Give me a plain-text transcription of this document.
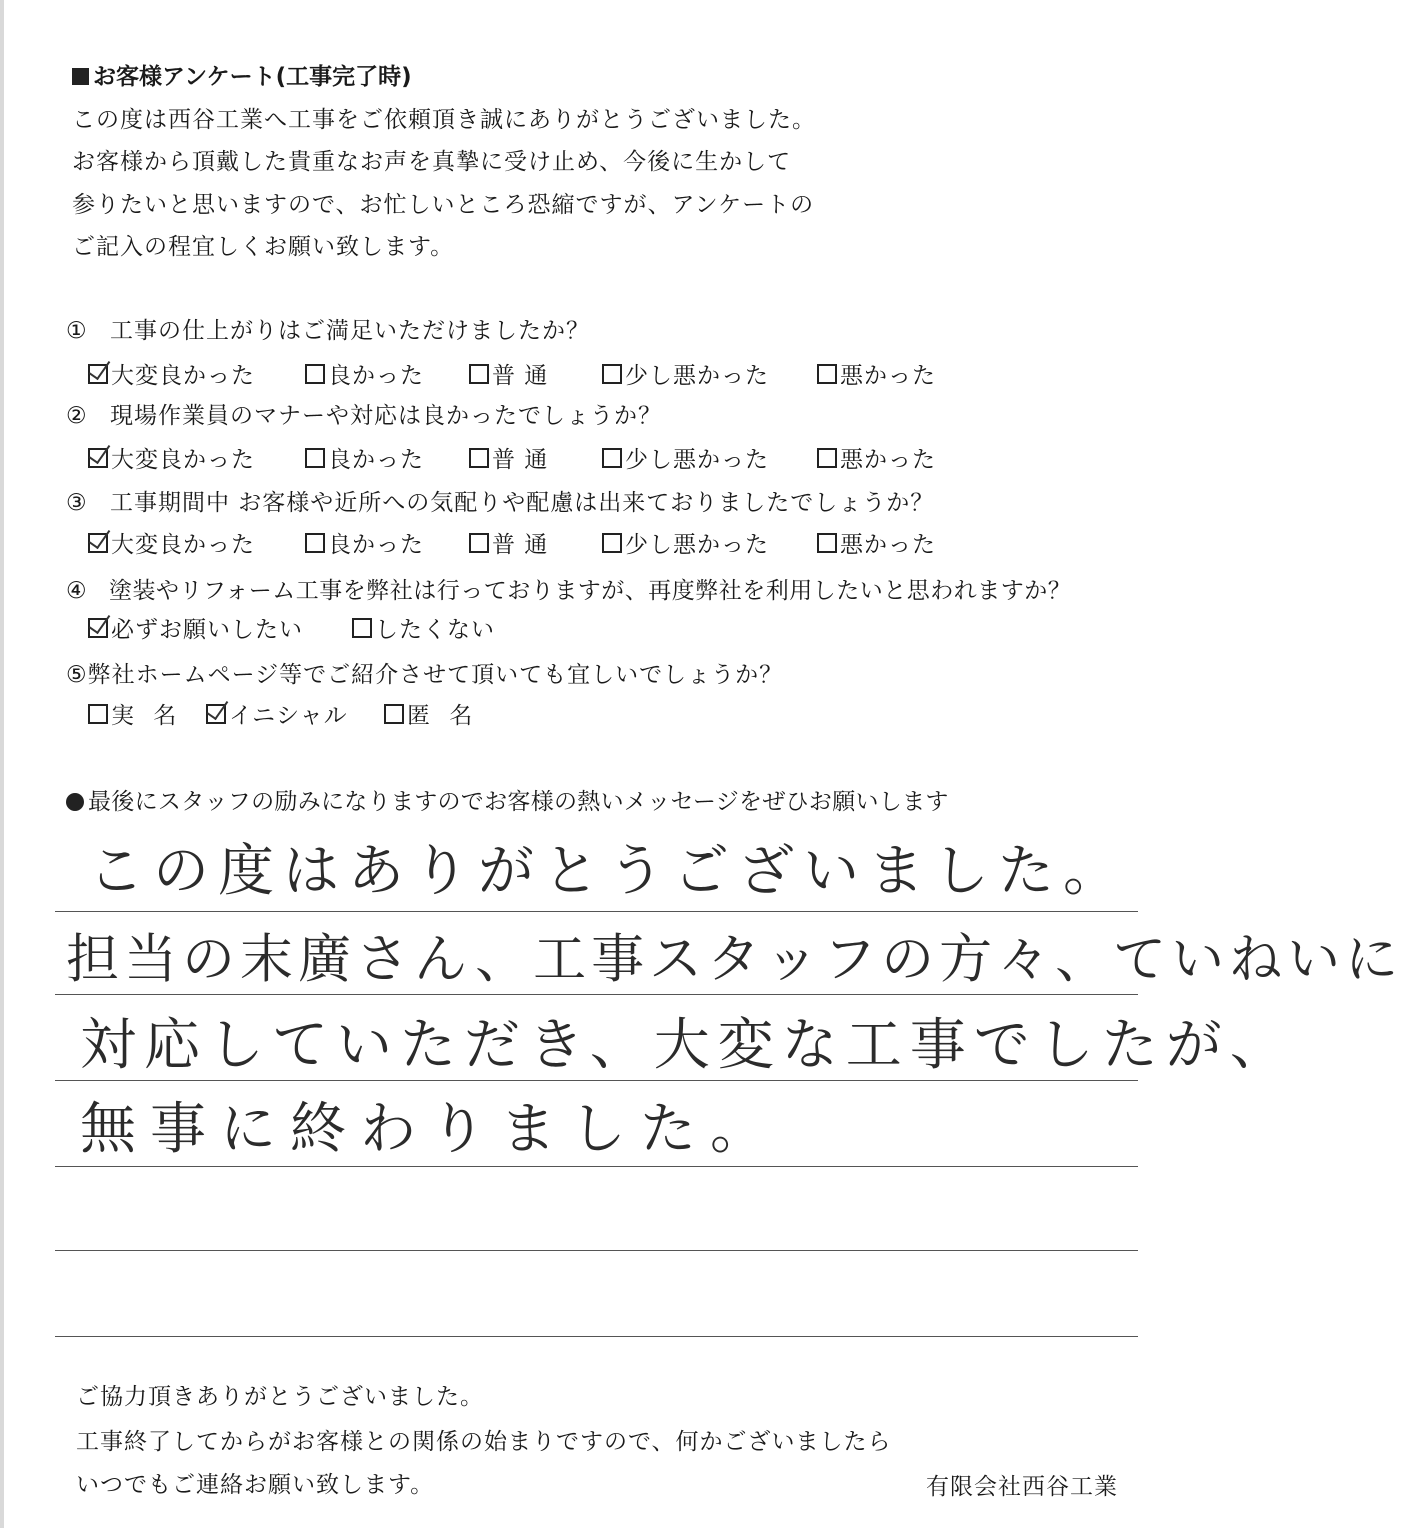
お客様アンケート(工事完了時)
この度は西谷工業へ工事をご依頼頂き誠にありがとうございました。
お客様から頂戴した貴重なお声を真摯に受け止め、今後に生かして
参りたいと思いますので、お忙しいところ恐縮ですが、アンケートの
ご記入の程宜しくお願い致します。
① 工事の仕上がりはご満足いただけましたか？
大変良かった	良かった	普 通	少し悪かった	悪かった
② 現場作業員のマナーや対応は良かったでしょうか？
大変良かった	良かった	普 通	少し悪かった	悪かった
③ 工事期間中 お客様や近所への気配りや配慮は出来ておりましたでしょうか？
大変良かった	良かった	普 通	少し悪かった	悪かった
④ 塗装やリフォーム工事を弊社は行っておりますが、再度弊社を利用したいと思われますか？
必ずお願いしたい	したくない
⑤弊社ホームページ等でご紹介させて頂いても宜しいでしょうか？
実 名	イニシャル	匿 名
最後にスタッフの励みになりますのでお客様の熱いメッセージをぜひお願いします
この度はありがとうございました。
担当の末廣さん、工事スタッフの方々、ていねいに
対応していただき、大変な工事でしたが、
無事に終わりました。
ご協力頂きありがとうございました。
工事終了してからがお客様との関係の始まりですので、何かございましたら
いつでもご連絡お願い致します。	有限会社西谷工業
